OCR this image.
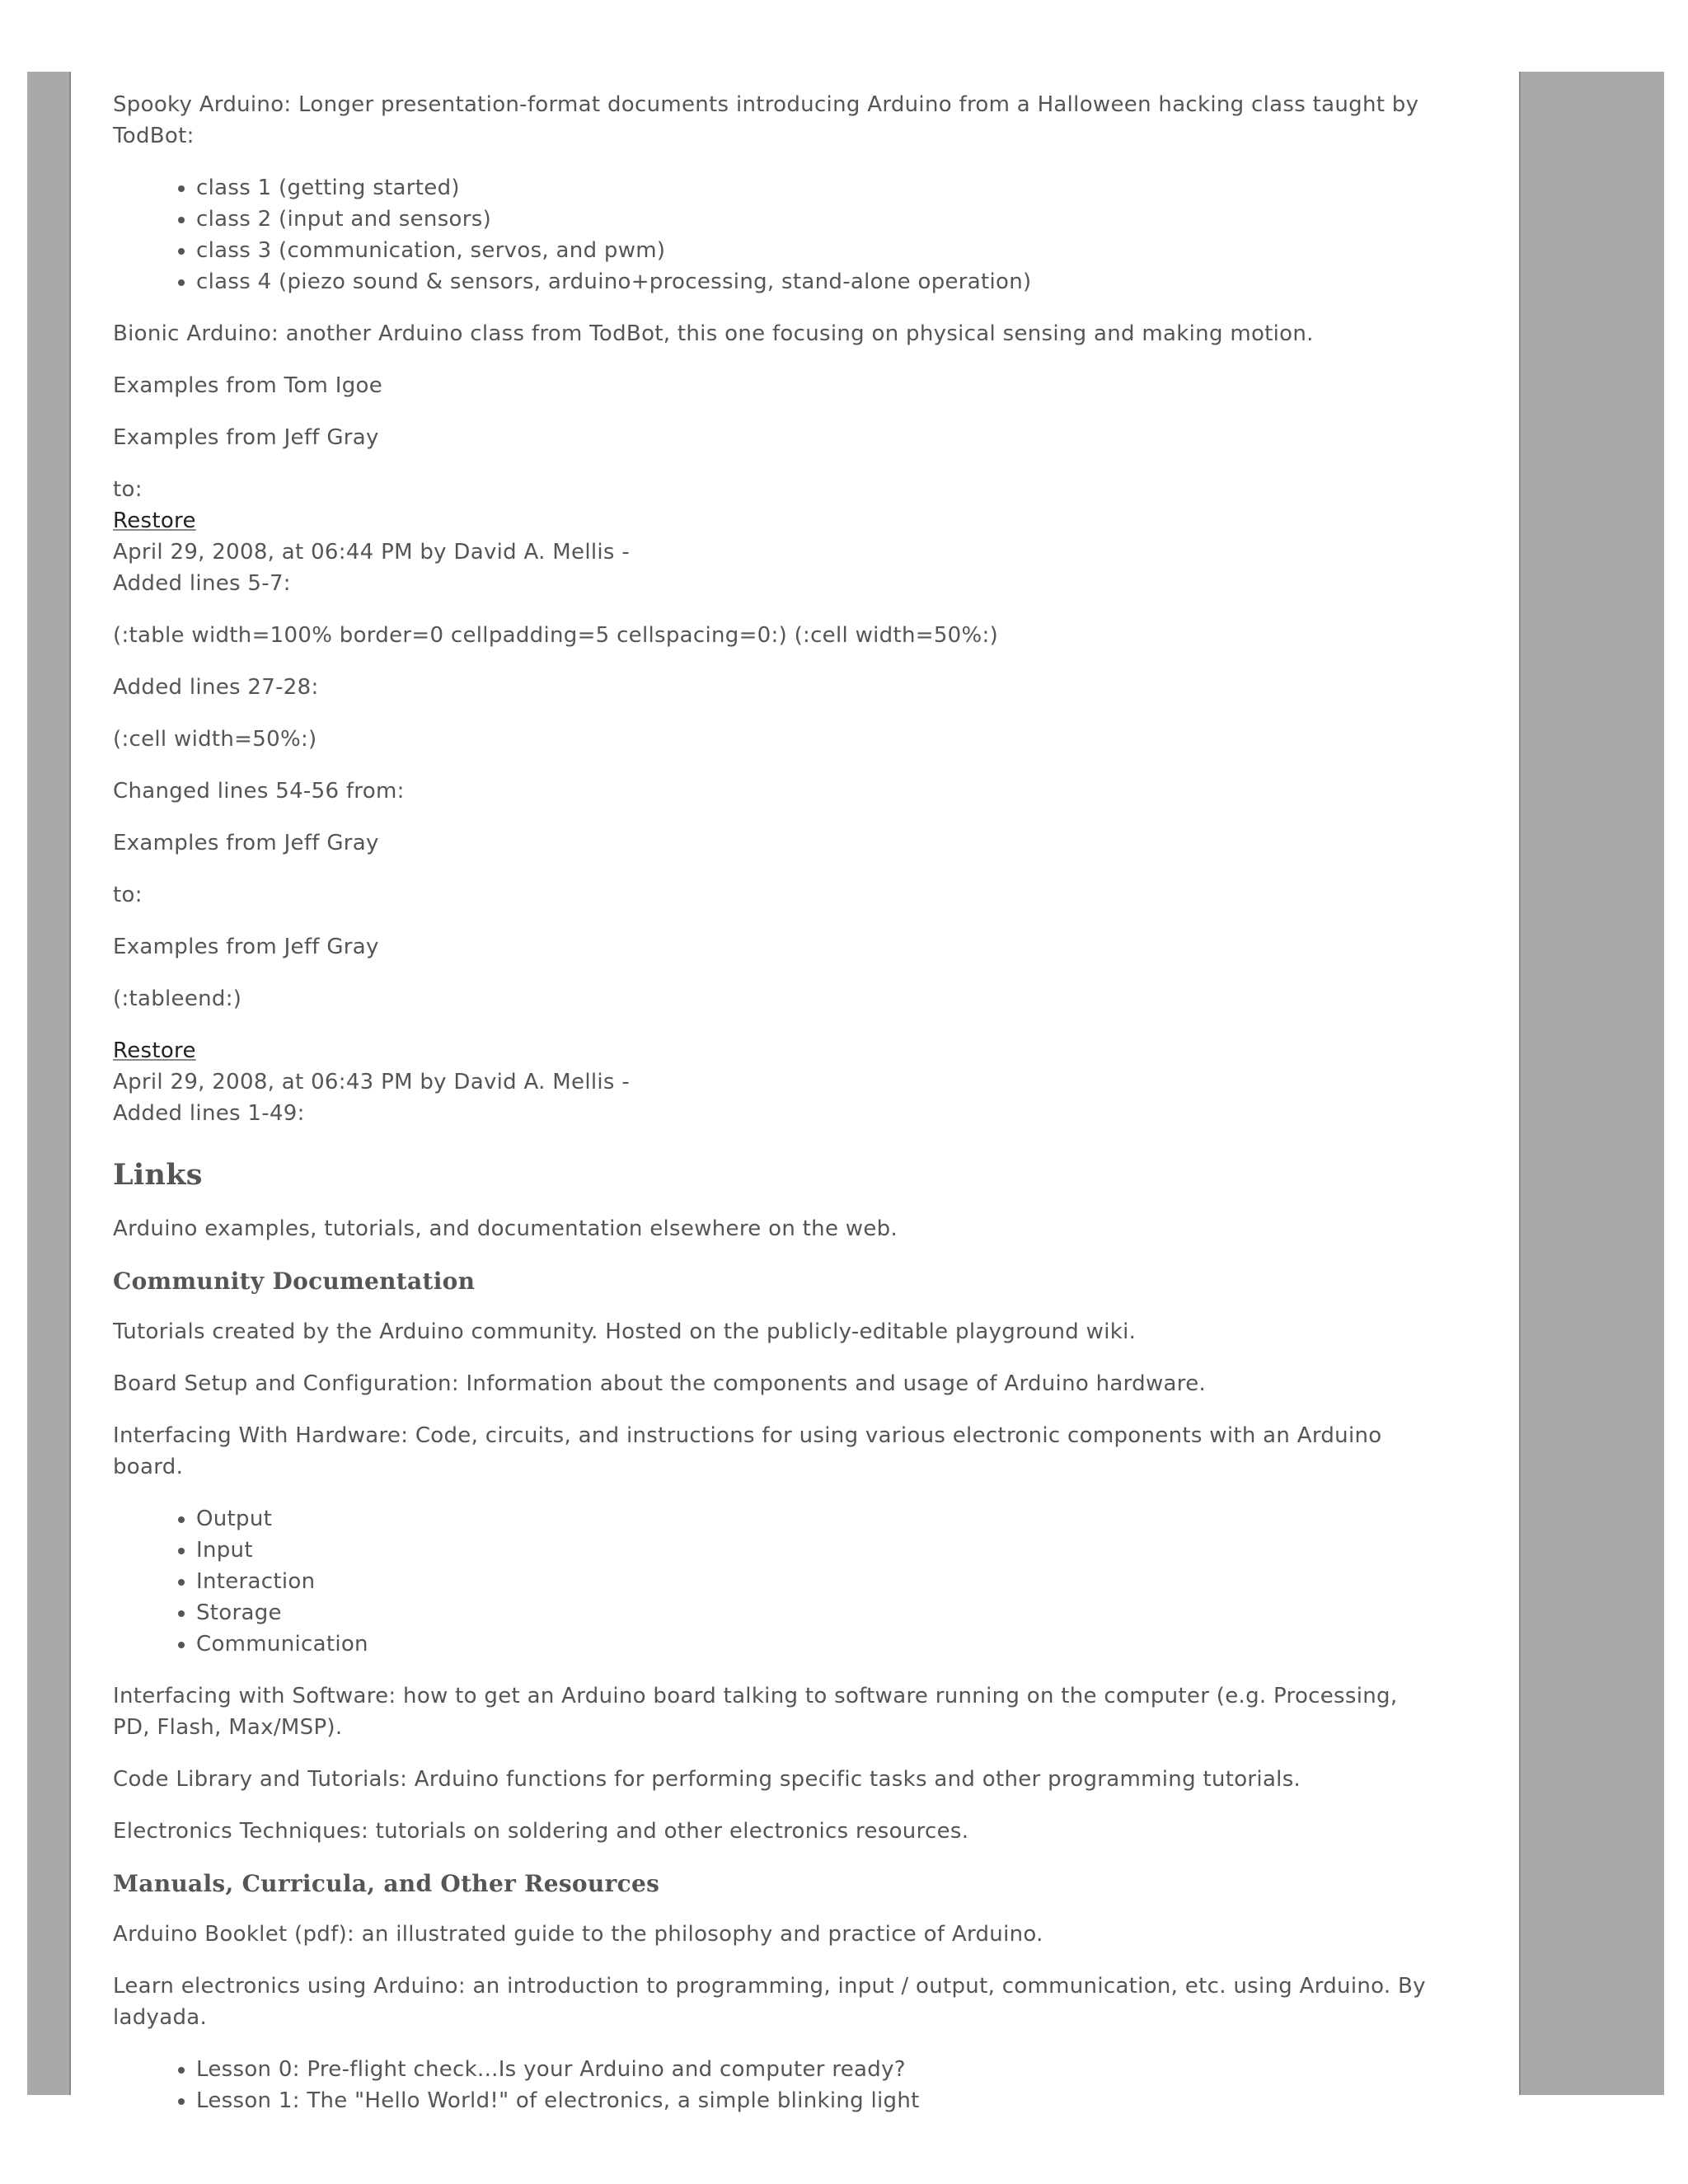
Spooky Arduino: Longer presentation-format documents introducing Arduino from a Halloween hacking class taught by TodBot:

• class 1 (getting started)
• class 2 (input and sensors)
• class 3 (communication, servos, and pwm)
• class 4 (piezo sound & sensors, arduino+processing, stand-alone operation)

Bionic Arduino: another Arduino class from TodBot, this one focusing on physical sensing and making motion.

Examples from Tom Igoe

Examples from Jeff Gray

to:

Restore
April 29, 2008, at 06:44 PM by David A. Mellis -
Added lines 5-7:

(:table width=100% border=0 cellpadding=5 cellspacing=0:) (:cell width=50%:)

Added lines 27-28:

(:cell width=50%:)

Changed lines 54-56 from:

Examples from Jeff Gray

to:

Examples from Jeff Gray

(:tableend:)

Restore
April 29, 2008, at 06:43 PM by David A. Mellis -
Added lines 1-49:

Links

Arduino examples, tutorials, and documentation elsewhere on the web.

Community Documentation

Tutorials created by the Arduino community. Hosted on the publicly-editable playground wiki.

Board Setup and Configuration: Information about the components and usage of Arduino hardware.

Interfacing With Hardware: Code, circuits, and instructions for using various electronic components with an Arduino board.

• Output
• Input
• Interaction
• Storage
• Communication

Interfacing with Software: how to get an Arduino board talking to software running on the computer (e.g. Processing, PD, Flash, Max/MSP).

Code Library and Tutorials: Arduino functions for performing specific tasks and other programming tutorials.

Electronics Techniques: tutorials on soldering and other electronics resources.

Manuals, Curricula, and Other Resources

Arduino Booklet (pdf): an illustrated guide to the philosophy and practice of Arduino.

Learn electronics using Arduino: an introduction to programming, input / output, communication, etc. using Arduino. By ladyada.

• Lesson 0: Pre-flight check...Is your Arduino and computer ready?
• Lesson 1: The "Hello World!" of electronics, a simple blinking light
